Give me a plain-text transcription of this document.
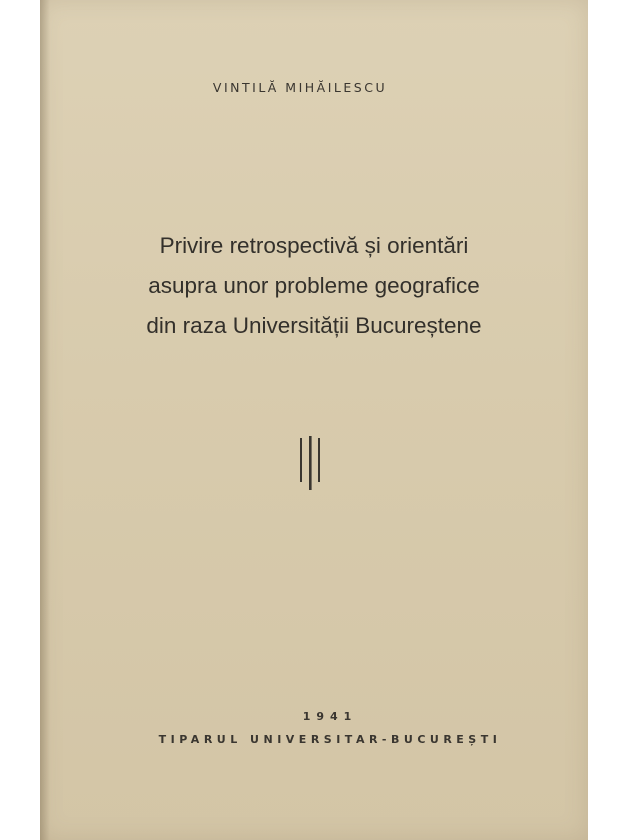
VINTILĂ MIHĂILESCU
Privire retrospectivă și orientări
asupra unor probleme geografice
din raza Universității Bucureștene
1941
TIPARUL UNIVERSITAR-BUCUREȘTI
